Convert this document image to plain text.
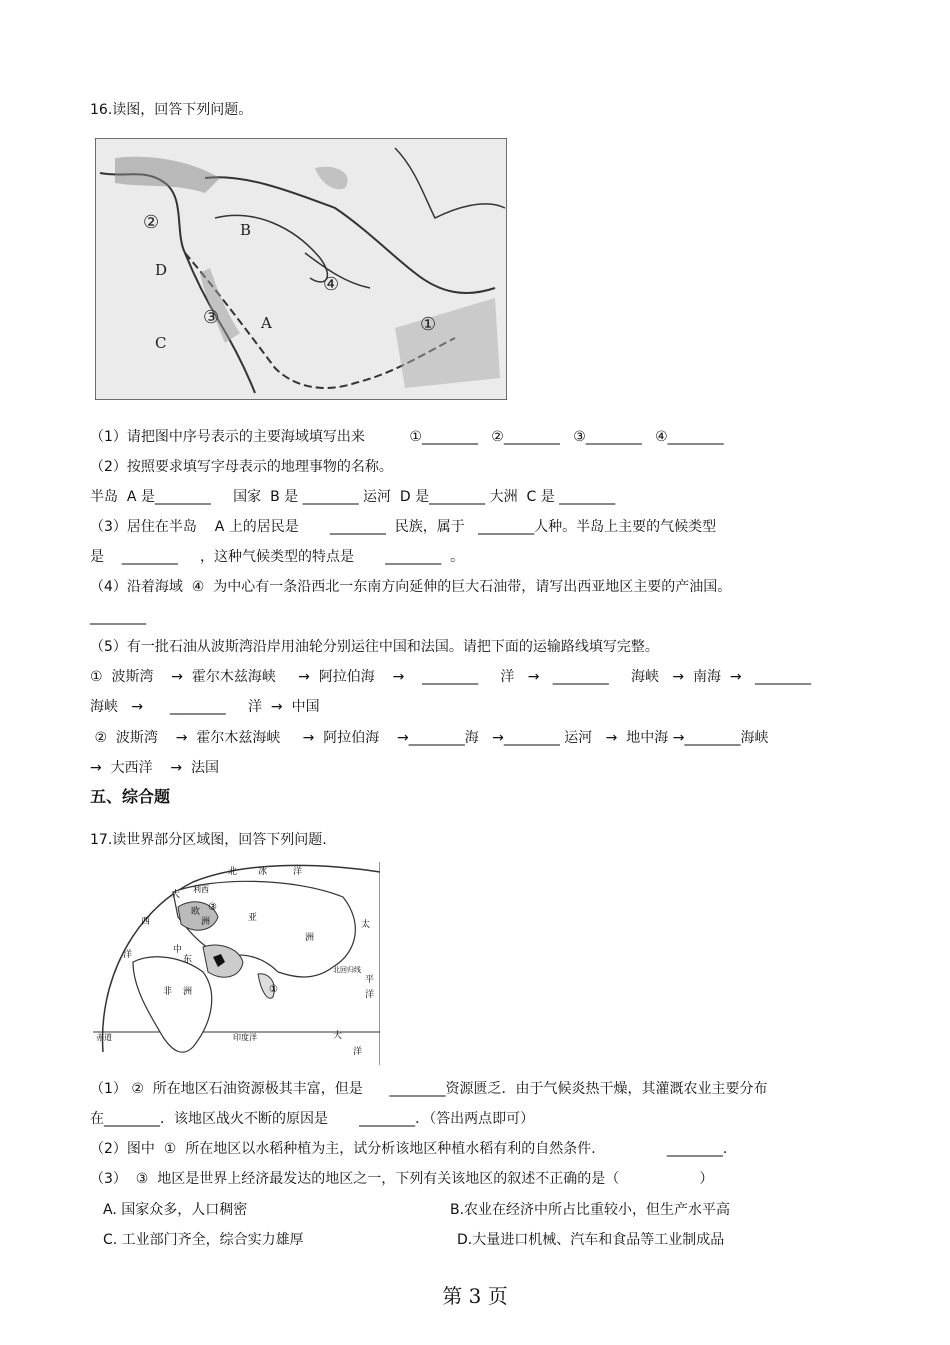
16.读图，回答下列问题。
①
②
③
④
A
B
C
D
（1）请把图中序号表示的主要海域填写出来          ①________   ②________   ③________   ④________
（2）按照要求填写字母表示的地理事物的名称。
半岛  A 是________     国家  B 是 ________ 运河  D 是________ 大洲  C 是 ________
（3）居住在半岛    A 上的居民是       ________  民族，属于   ________人种。半岛上主要的气候类型
是    ________     ，这种气候类型的特点是       ________  。
（4）沿着海域  ④  为中心有一条沿西北一东南方向延伸的巨大石油带，请写出西亚地区主要的产油国。
________
（5）有一批石油从波斯湾沿岸用油轮分别运往中国和法国。请把下面的运输路线填写完整。
①  波斯湾    →  霍尔木兹海峡     →  阿拉伯海    →    ________     洋   →   ________     海峡   →  南海  →   ________
海峡   →      ________     洋  →  中国
②  波斯湾    →  霍尔木兹海峡     →  阿拉伯海    →________海   →________ 运河   →  地中海 →________海峡
→  大西洋    →  法国
五、综合题
17.读世界部分区域图，回答下列问题.
北 冰	洋
大
利西
西
欧
洲	亚
洲
太
平
洋
非 洲
中
东
洋
赤道	印度洋	大
洋
北回归线
①
③
（1） ②  所在地区石油资源极其丰富，但是      ________资源匮乏．由于气候炎热干燥，其灌溉农业主要分布
在________．该地区战火不断的原因是       ________．（答出两点即可）
（2）图中  ①  所在地区以水稻种植为主，试分析该地区种植水稻有利的自然条件.                ________.
（3）  ③  地区是世界上经济最发达的地区之一，下列有关该地区的叙述不正确的是（                  ）
A. 国家众多，人口稠密	B.农业在经济中所占比重较小，但生产水平高
C. 工业部门齐全，综合实力雄厚	D.大量进口机械、汽车和食品等工业制成品
第 3 页
